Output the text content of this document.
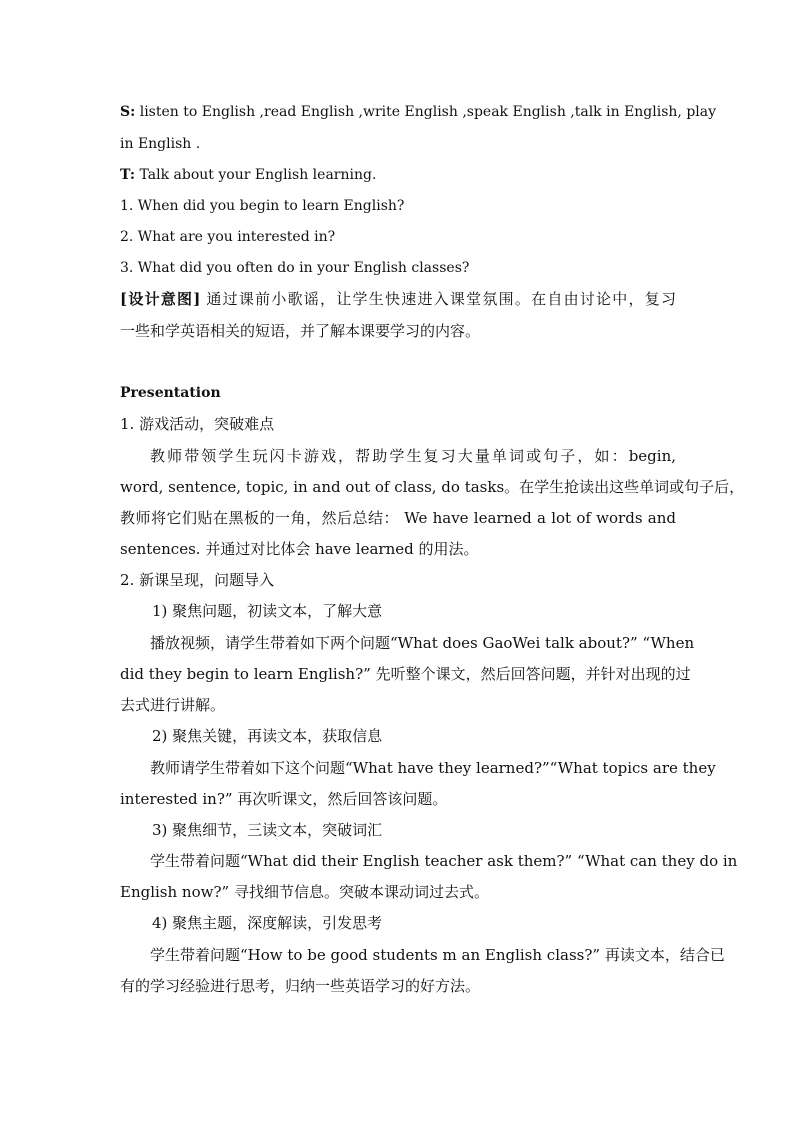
S: listen to English ,read English ,write English ,speak English ,talk in English, play
in English .
T: Talk about your English learning.
1. When did you begin to learn English?
2. What are you interested in?
3. What did you often do in your English classes?
[设计意图] 通过课前小歌谣，让学生快速进入课堂氛围。在自由讨论中，复习
一些和学英语相关的短语，并了解本课要学习的内容。
Presentation
1. 游戏活动，突破难点
教师带领学生玩闪卡游戏，帮助学生复习大量单词或句子，如：begin,
word, sentence, topic, in and out of class, do tasks。在学生抢读出这些单词或句子后，
教师将它们贴在黑板的一角，然后总结： We have learned a lot of words and
sentences. 并通过对比体会 have learned 的用法。
2. 新课呈现，问题导入
1) 聚焦问题，初读文本，了解大意
播放视频，请学生带着如下两个问题“What does GaoWei talk about?” “When
did they begin to learn English?” 先听整个课文，然后回答问题，并针对出现的过
去式进行讲解。
2) 聚焦关键，再读文本，获取信息
教师请学生带着如下这个问题“What have they learned?”“What topics are they
interested in?” 再次听课文，然后回答该问题。
3) 聚焦细节，三读文本，突破词汇
学生带着问题“What did their English teacher ask them?” “What can they do in
English now?” 寻找细节信息。突破本课动词过去式。
4) 聚焦主题，深度解读，引发思考
学生带着问题“How to be good students m an English class?” 再读文本，结合已
有的学习经验进行思考，归纳一些英语学习的好方法。
